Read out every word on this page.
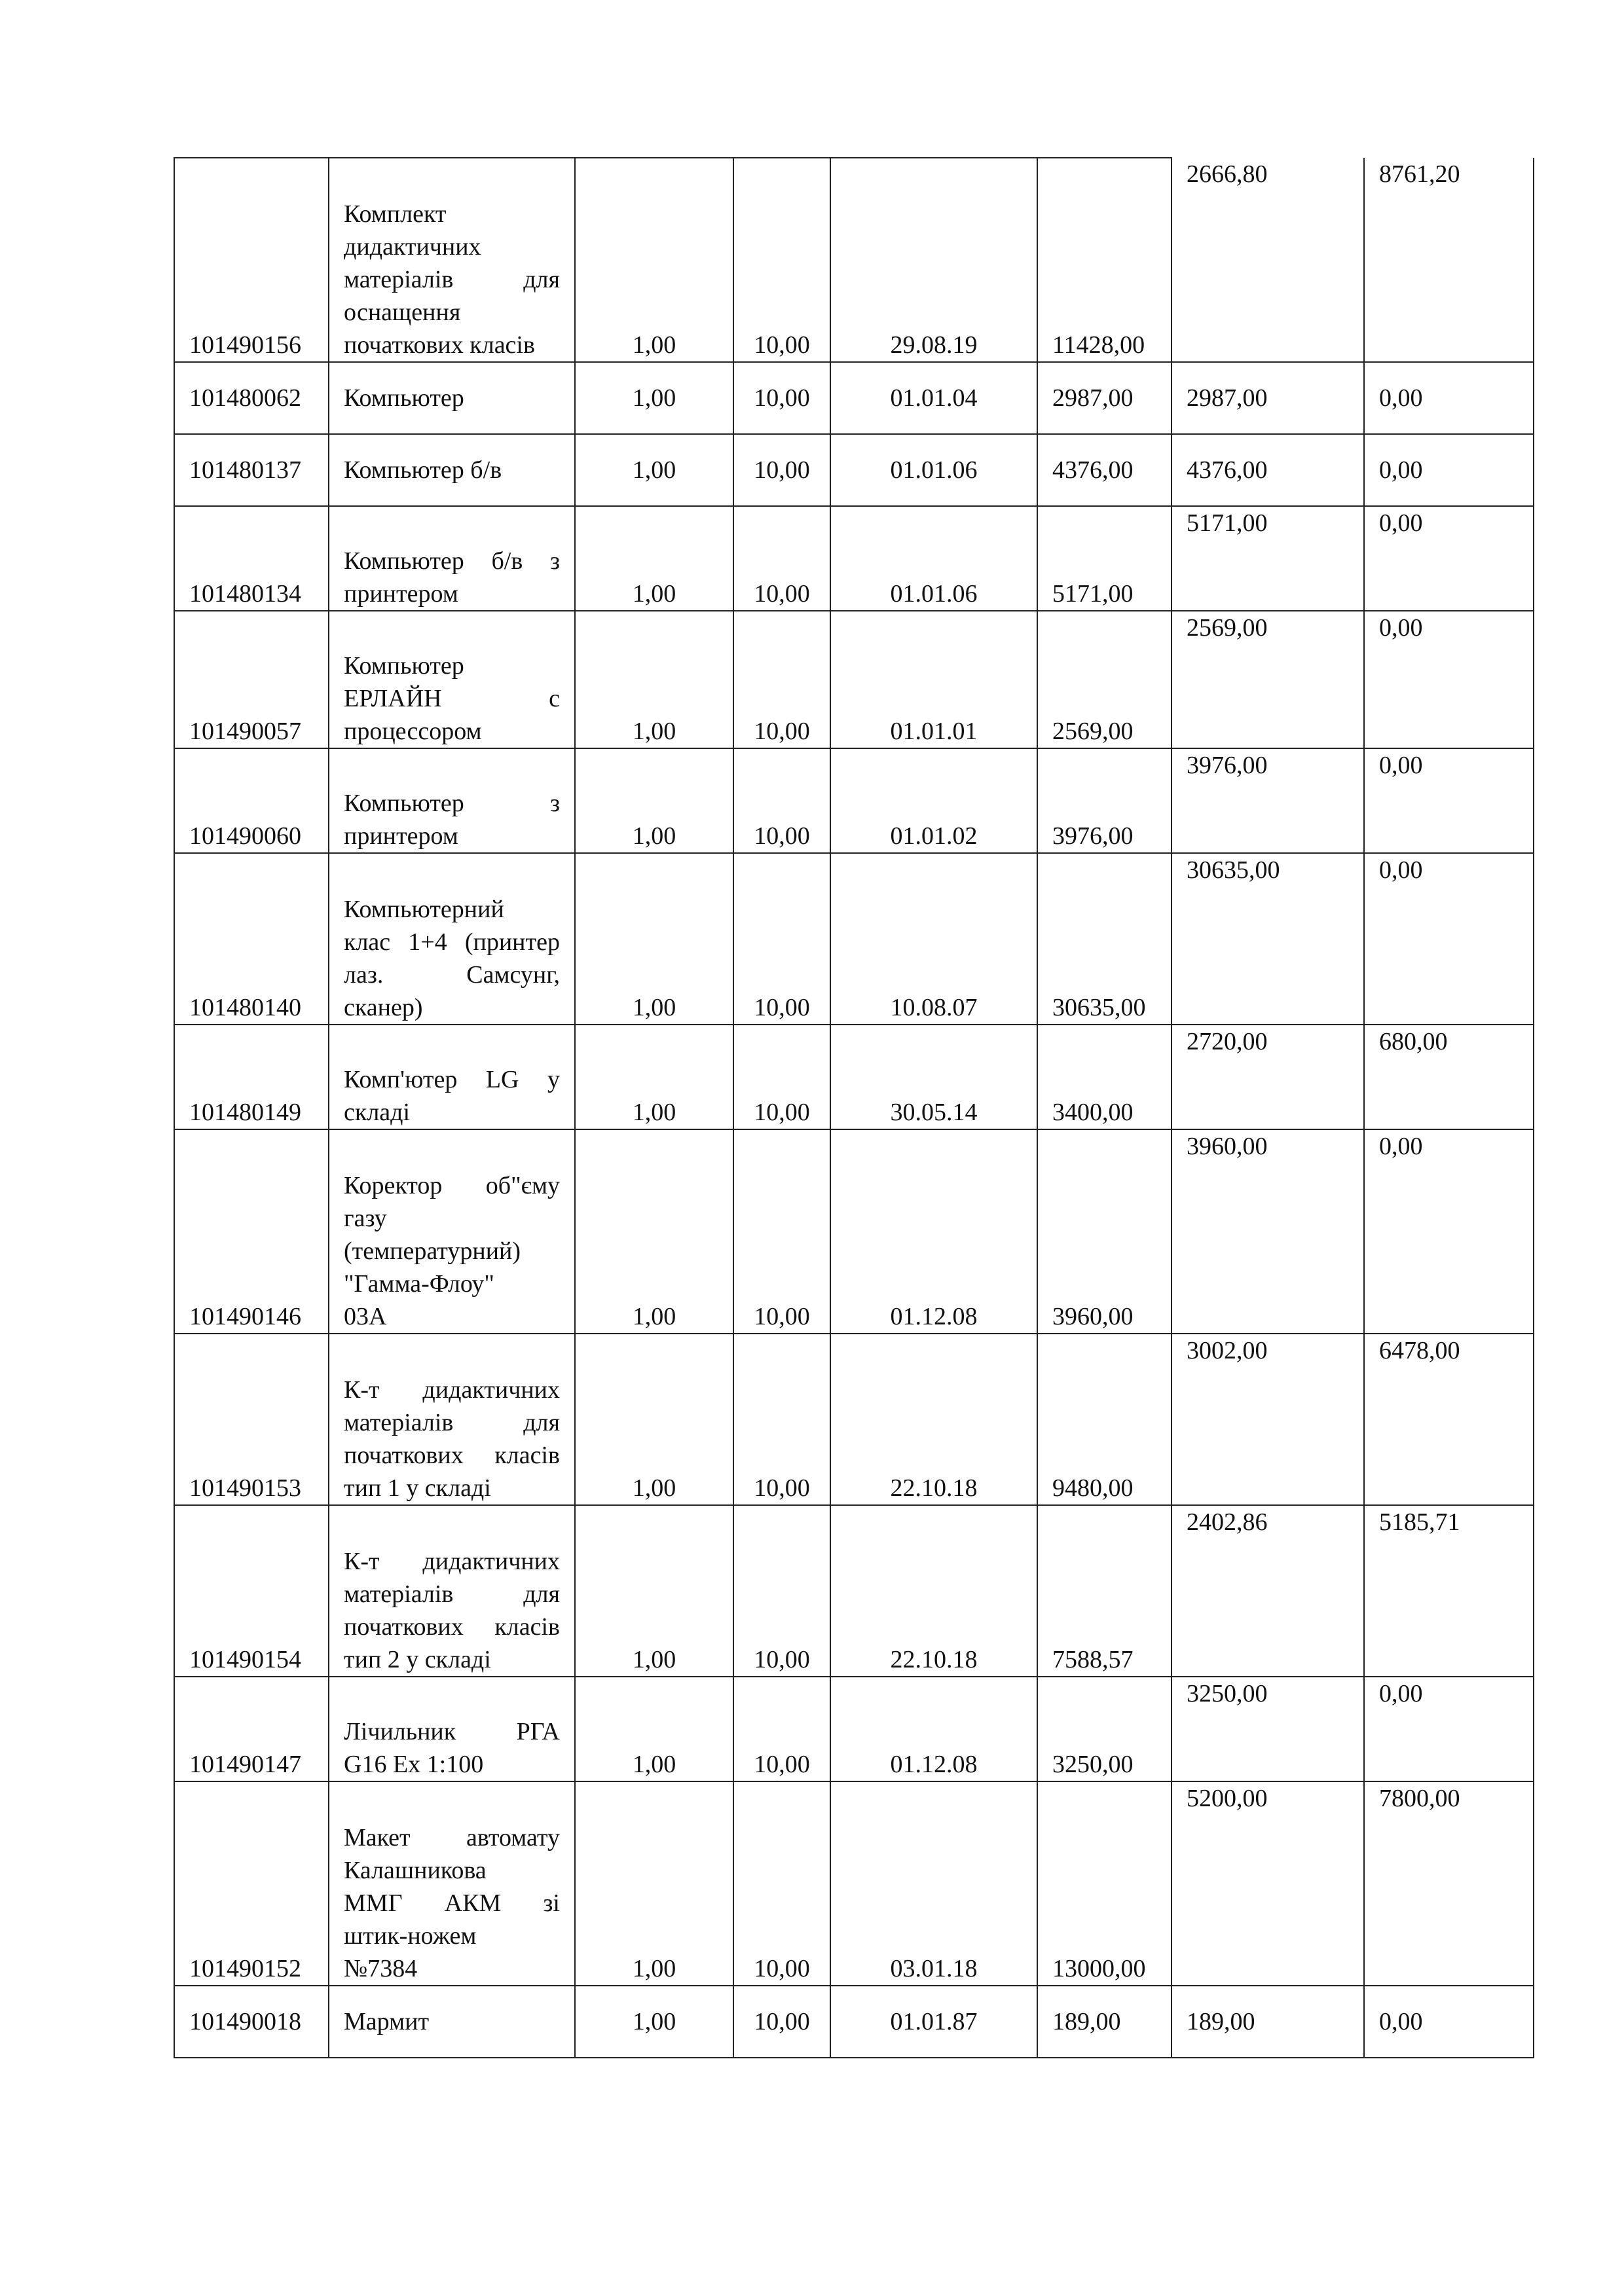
101490156	Комплект
дидактичних
матеріалів для
оснащення
початкових класів	1,00	10,00	29.08.19	11428,00	2666,80	8761,20
101480062	Компьютер	1,00	10,00	01.01.04	2987,00	2987,00	0,00
101480137	Компьютер б/в	1,00	10,00	01.01.06	4376,00	4376,00	0,00
101480134	Компьютер б/в з
принтером	1,00	10,00	01.01.06	5171,00	5171,00	0,00
101490057	Компьютер
ЕРЛАЙН с
процессором	1,00	10,00	01.01.01	2569,00	2569,00	0,00
101490060	Компьютер з
принтером	1,00	10,00	01.01.02	3976,00	3976,00	0,00
101480140	Компьютерний
клас 1+4 (принтер
лаз. Самсунг,
сканер)	1,00	10,00	10.08.07	30635,00	30635,00	0,00
101480149	Комп'ютер LG у
складі	1,00	10,00	30.05.14	3400,00	2720,00	680,00
101490146	Коректор об"єму
газу
(температурний)
"Гамма-Флоу"
03А	1,00	10,00	01.12.08	3960,00	3960,00	0,00
101490153	К-т дидактичних
матеріалів для
початкових класів
тип 1 у складі	1,00	10,00	22.10.18	9480,00	3002,00	6478,00
101490154	К-т дидактичних
матеріалів для
початкових класів
тип 2 у складі	1,00	10,00	22.10.18	7588,57	2402,86	5185,71
101490147	Лічильник РГА
G16 Ex 1:100	1,00	10,00	01.12.08	3250,00	3250,00	0,00
101490152	Макет автомату
Калашникова
ММГ АКМ зі
штик-ножем
№7384	1,00	10,00	03.01.18	13000,00	5200,00	7800,00
101490018	Мармит	1,00	10,00	01.01.87	189,00	189,00	0,00
